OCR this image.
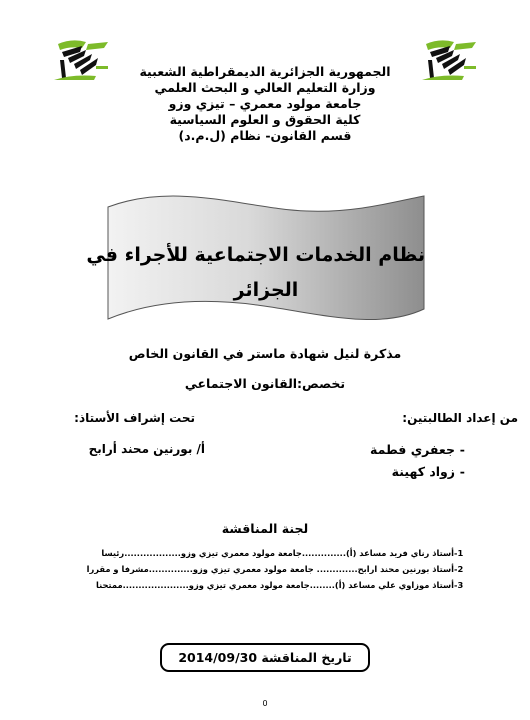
الجمهورية الجزائرية الديمقراطية الشعبية
وزارة التعليم العالي و البحث العلمي
جامعة مولود معمري – تيزي وزو
كلية الحقوق و العلوم السياسية
قسم القانون- نظام (ل.م.د)
نظام الخدمات الاجتماعية للأجراء في
الجزائر
مذكرة لنيل شهادة ماستر في القانون الخاص
تخصص:القانون الاجتماعي
من إعداد الطالبتين:
جعفري فطمة -
زواد كهينة -
تحت إشراف الأستاذ:
أ/ بورنين محند أرابح
لجنة المناقشة
1-
أستاذ رناي فريد مساعد (أ)..............جامعة مولود معمري تيزي وزو..................رئيسا
2-
أستاذ بورنين محند ارابح............. جامعة مولود معمري تيزي وزو..............مشرفا و مقررا
3-
أستاذ موزاوي علي مساعد (أ)........جامعة مولود معمري تيزي وزو.....................ممتحنا
تاريخ المناقشة 2014/09/30
0
